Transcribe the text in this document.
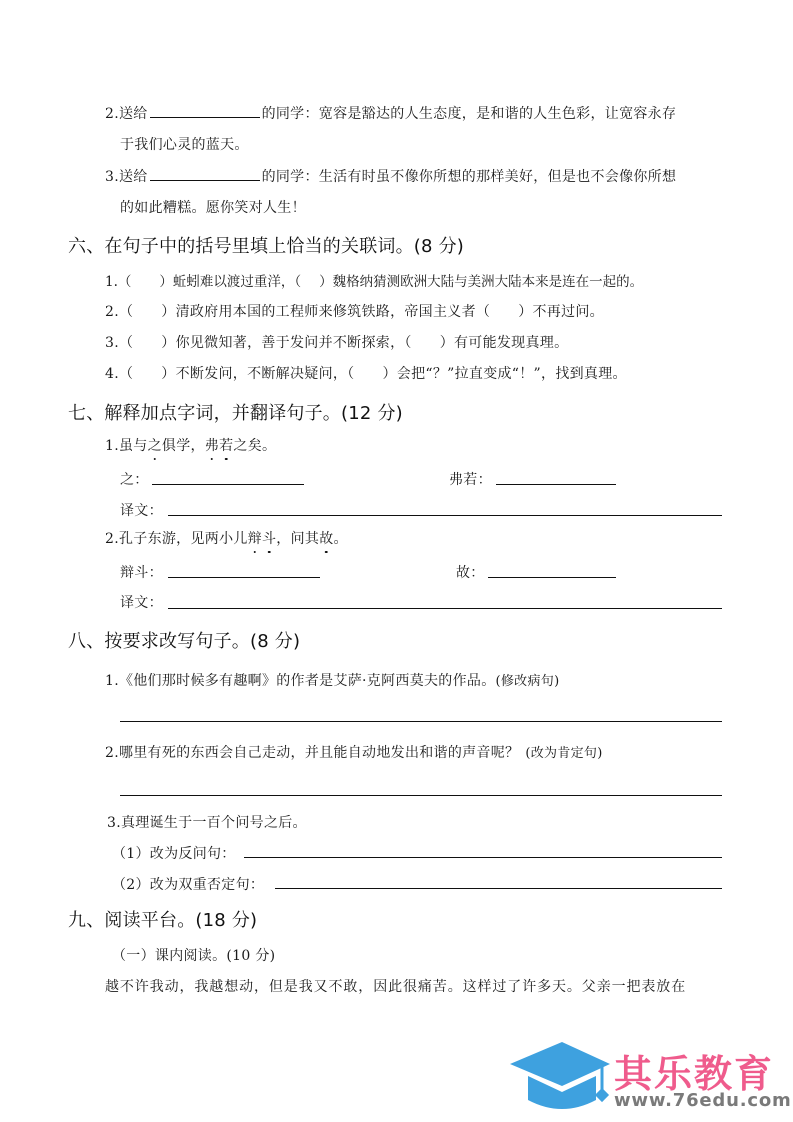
2.送给	的同学：宽容是豁达的人生态度，是和谐的人生色彩，让宽容永存
于我们心灵的蓝天。
3.送给	的同学：生活有时虽不像你所想的那样美好，但是也不会像你所想
的如此糟糕。愿你笑对人生！
六、在句子中的括号里填上恰当的关联词。(8 分)
1.（ ）蚯蚓难以渡过重洋，（ ）魏格纳猜测欧洲大陆与美洲大陆本来是连在一起的。
2.（ ）清政府用本国的工程师来修筑铁路，帝国主义者（ ）不再过问。
3.（ ）你见微知著，善于发问并不断探索，（ ）有可能发现真理。
4.（ ）不断发问，不断解决疑问，（ ）会把“？”拉直变成“！”，找到真理。
七、解释加点字词，并翻译句子。(12 分)
1.虽与之俱学，弗若之矣。
之：	弗若：
译文：
2.孔子东游，见两小儿辩斗，问其故。
辩斗：	故：
译文：
八、按要求改写句子。(8 分)
1.《他们那时候多有趣啊》的作者是艾萨·克阿西莫夫的作品。(修改病句)
2.哪里有死的东西会自己走动，并且能自动地发出和谐的声音呢？ (改为肯定句)
3.真理诞生于一百个问号之后。
（1）改为反问句：
（2）改为双重否定句：
九、阅读平台。(18 分)
（一）课内阅读。(10 分)
越不许我动，我越想动，但是我又不敢，因此很痛苦。这样过了许多天。父亲一把表放在
其乐教育
www.76edu.com
